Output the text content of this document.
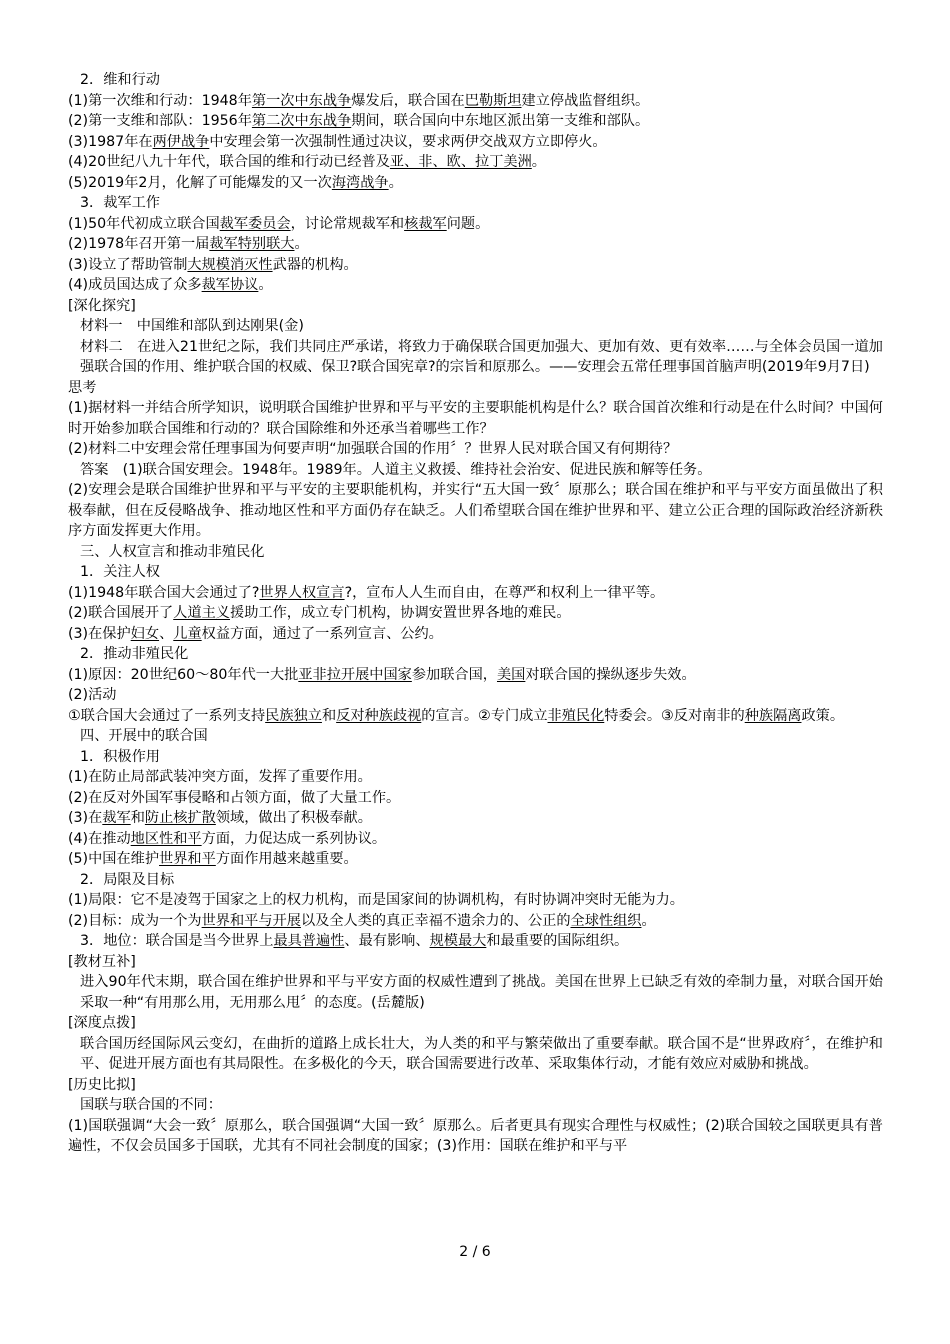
2．维和行动
(1)第一次维和行动：1948年第一次中东战争爆发后，联合国在巴勒斯坦建立停战监督组织。
(2)第一支维和部队：1956年第二次中东战争期间，联合国向中东地区派出第一支维和部队。
(3)1987年在两伊战争中安理会第一次强制性通过决议，要求两伊交战双方立即停火。
(4)20世纪八九十年代，联合国的维和行动已经普及亚、非、欧、拉丁美洲。
(5)2019年2月，化解了可能爆发的又一次海湾战争。
3．裁军工作
(1)50年代初成立联合国裁军委员会，讨论常规裁军和核裁军问题。
(2)1978年召开第一届裁军特别联大。
(3)设立了帮助管制大规模消灭性武器的机构。
(4)成员国达成了众多裁军协议。
[深化探究]
材料一　中国维和部队到达刚果(金)
材料二　在进入21世纪之际，我们共同庄严承诺，将致力于确保联合国更加强大、更加有效、更有效率……与全体会员国一道加强联合国的作用、维护联合国的权威、保卫?联合国宪章?的宗旨和原那么。——安理会五常任理事国首脑声明(2019年9月7日)
思考
(1)据材料一并结合所学知识，说明联合国维护世界和平与平安的主要职能机构是什么？联合国首次维和行动是在什么时间？中国何时开始参加联合国维和行动的？联合国除维和外还承当着哪些工作？
(2)材料二中安理会常任理事国为何要声明“加强联合国的作用〞？世界人民对联合国又有何期待？
答案　(1)联合国安理会。1948年。1989年。人道主义救援、维持社会治安、促进民族和解等任务。
(2)安理会是联合国维护世界和平与平安的主要职能机构，并实行“五大国一致〞原那么；联合国在维护和平与平安方面虽做出了积极奉献，但在反侵略战争、推动地区性和平方面仍存在缺乏。人们希望联合国在维护世界和平、建立公正合理的国际政治经济新秩序方面发挥更大作用。
三、人权宣言和推动非殖民化
1．关注人权
(1)1948年联合国大会通过了?世界人权宣言?，宣布人人生而自由，在尊严和权利上一律平等。
(2)联合国展开了人道主义援助工作，成立专门机构，协调安置世界各地的难民。
(3)在保护妇女、儿童权益方面，通过了一系列宣言、公约。
2．推动非殖民化
(1)原因：20世纪60～80年代一大批亚非拉开展中国家参加联合国，美国对联合国的操纵逐步失效。
(2)活动
①联合国大会通过了一系列支持民族独立和反对种族歧视的宣言。②专门成立非殖民化特委会。③反对南非的种族隔离政策。
四、开展中的联合国
1．积极作用
(1)在防止局部武装冲突方面，发挥了重要作用。
(2)在反对外国军事侵略和占领方面，做了大量工作。
(3)在裁军和防止核扩散领域，做出了积极奉献。
(4)在推动地区性和平方面，力促达成一系列协议。
(5)中国在维护世界和平方面作用越来越重要。
2．局限及目标
(1)局限：它不是凌驾于国家之上的权力机构，而是国家间的协调机构，有时协调冲突时无能为力。
(2)目标：成为一个为世界和平与开展以及全人类的真正幸福不遗余力的、公正的全球性组织。
3．地位：联合国是当今世界上最具普遍性、最有影响、规模最大和最重要的国际组织。
[教材互补]
进入90年代末期，联合国在维护世界和平与平安方面的权威性遭到了挑战。美国在世界上已缺乏有效的牵制力量，对联合国开始采取一种“有用那么用，无用那么甩〞的态度。(岳麓版)
[深度点拨]
联合国历经国际风云变幻，在曲折的道路上成长壮大，为人类的和平与繁荣做出了重要奉献。联合国不是“世界政府〞，在维护和平、促进开展方面也有其局限性。在多极化的今天，联合国需要进行改革、采取集体行动，才能有效应对威胁和挑战。
[历史比拟]
国联与联合国的不同：
(1)国联强调“大会一致〞原那么，联合国强调“大国一致〞原那么。后者更具有现实合理性与权威性；(2)联合国较之国联更具有普遍性，不仅会员国多于国联，尤其有不同社会制度的国家；(3)作用：国联在维护和平与平
2 / 6
